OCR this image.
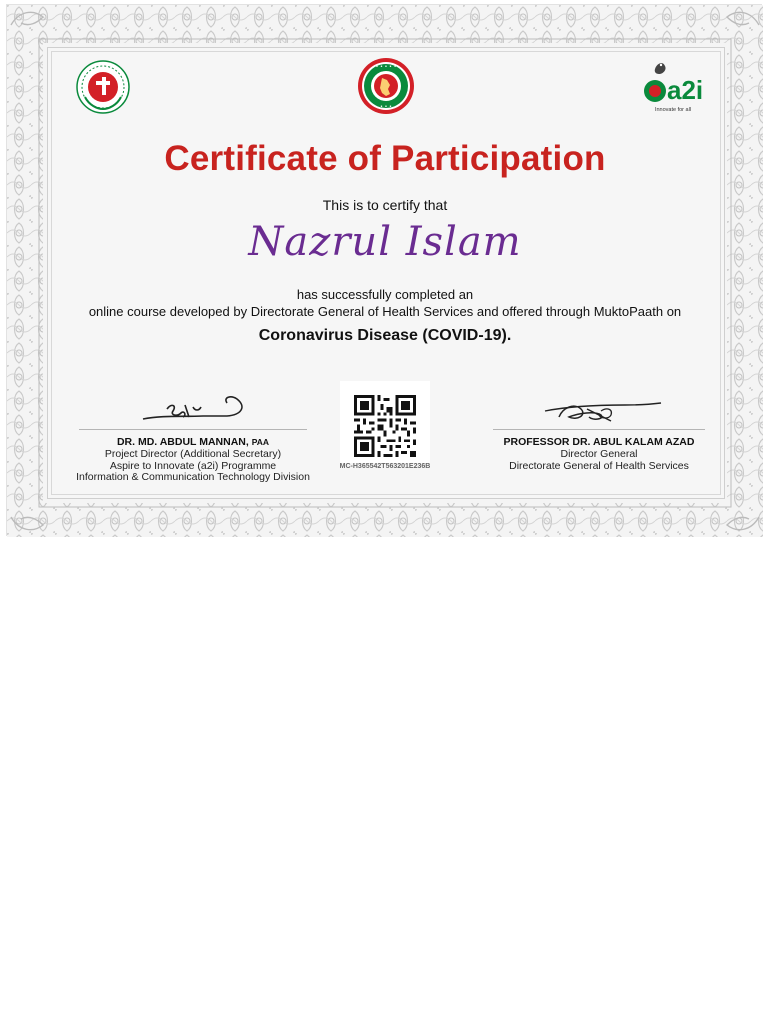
• • • • •
• • •
a2i
Innovate for all
Certificate of Participation
This is to certify that
Nazrul Islam
has successfully completed an
online course developed by Directorate General of Health Services and offered through MuktoPaath on
Coronavirus Disease (COVID-19).
DR. MD. ABDUL MANNAN, PAA
Project Director (Additional Secretary)
Aspire to Innovate (a2i) Programme
Information & Communication Technology Division
MC-H365542T563201E236B
PROFESSOR DR. ABUL KALAM AZAD
Director General
Directorate General of Health Services
